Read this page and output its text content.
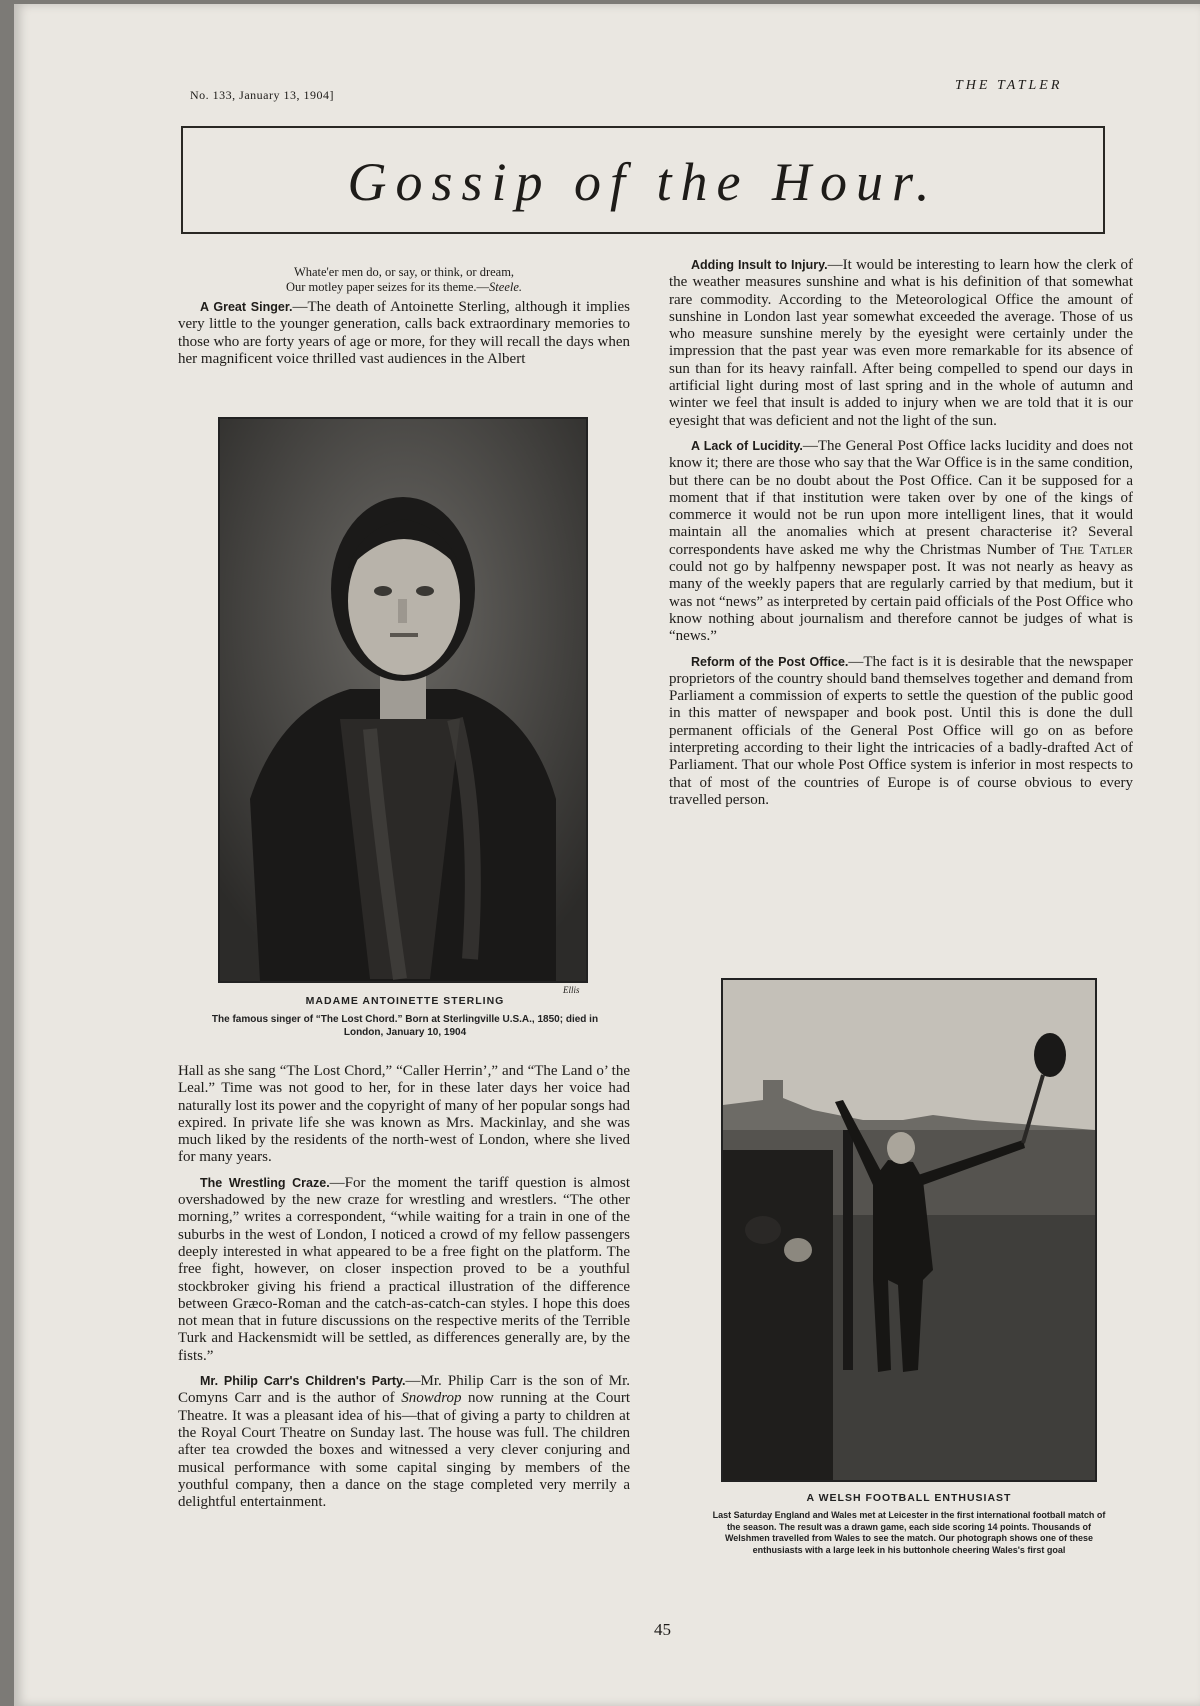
No. 133, January 13, 1904]
THE TATLER
Gossip of the Hour.
Whate'er men do, or say, or think, or dream,
Our motley paper seizes for its theme.—Steele.

A Great Singer.—The death of Antoinette Sterling, although it implies very little to the younger generation, calls back extraordinary memories to those who are forty years of age or more, for they will recall the days when her magnificent voice thrilled vast audiences in the Albert

Ellis
MADAME ANTOINETTE STERLING
The famous singer of “The Lost Chord.” Born at Sterlingville U.S.A., 1850; died in London, January 10, 1904

Hall as she sang “The Lost Chord,” “Caller Herrin’,” and “The Land o’ the Leal.” Time was not good to her, for in these later days her voice had naturally lost its power and the copyright of many of her popular songs had expired. In private life she was known as Mrs. Mackinlay, and she was much liked by the residents of the north-west of London, where she lived for many years.

The Wrestling Craze.—For the moment the tariff question is almost overshadowed by the new craze for wrestling and wrestlers. “The other morning,” writes a correspondent, “while waiting for a train in one of the suburbs in the west of London, I noticed a crowd of my fellow passengers deeply interested in what appeared to be a free fight on the platform. The free fight, however, on closer inspection proved to be a youthful stockbroker giving his friend a practical illustration of the difference between Græco-Roman and the catch-as-catch-can styles. I hope this does not mean that in future discussions on the respective merits of the Terrible Turk and Hackensmidt will be settled, as differences generally are, by the fists.”

Mr. Philip Carr's Children's Party.—Mr. Philip Carr is the son of Mr. Comyns Carr and is the author of Snowdrop now running at the Court Theatre. It was a pleasant idea of his—that of giving a party to children at the Royal Court Theatre on Sunday last. The house was full. The children after tea crowded the boxes and witnessed a very clever conjuring and musical performance with some capital singing by members of the youthful company, then a dance on the stage completed very merrily a delightful entertainment.

Adding Insult to Injury.—It would be interesting to learn how the clerk of the weather measures sunshine and what is his definition of that somewhat rare commodity. According to the Meteorological Office the amount of sunshine in London last year somewhat exceeded the average. Those of us who measure sunshine merely by the eyesight were certainly under the impression that the past year was even more remarkable for its absence of sun than for its heavy rainfall. After being compelled to spend our days in artificial light during most of last spring and in the whole of autumn and winter we feel that insult is added to injury when we are told that it is our eyesight that was deficient and not the light of the sun.

A Lack of Lucidity.—The General Post Office lacks lucidity and does not know it; there are those who say that the War Office is in the same condition, but there can be no doubt about the Post Office. Can it be supposed for a moment that if that institution were taken over by one of the kings of commerce it would not be run upon more intelligent lines, that it would maintain all the anomalies which at present characterise it? Several correspondents have asked me why the Christmas Number of The Tatler could not go by halfpenny newspaper post. It was not nearly as heavy as many of the weekly papers that are regularly carried by that medium, but it was not “news” as interpreted by certain paid officials of the Post Office who know nothing about journalism and therefore cannot be judges of what is “news.”

Reform of the Post Office.—The fact is it is desirable that the newspaper proprietors of the country should band themselves together and demand from Parliament a commission of experts to settle the question of the public good in this matter of newspaper and book post. Until this is done the dull permanent officials of the General Post Office will go on as before interpreting according to their light the intricacies of a badly-drafted Act of Parliament. That our whole Post Office system is inferior in most respects to that of most of the countries of Europe is of course obvious to every travelled person.

A WELSH FOOTBALL ENTHUSIAST
Last Saturday England and Wales met at Leicester in the first international football match of the season. The result was a drawn game, each side scoring 14 points. Thousands of Welshmen travelled from Wales to see the match. Our photograph shows one of these enthusiasts with a large leek in his buttonhole cheering Wales's first goal
45
